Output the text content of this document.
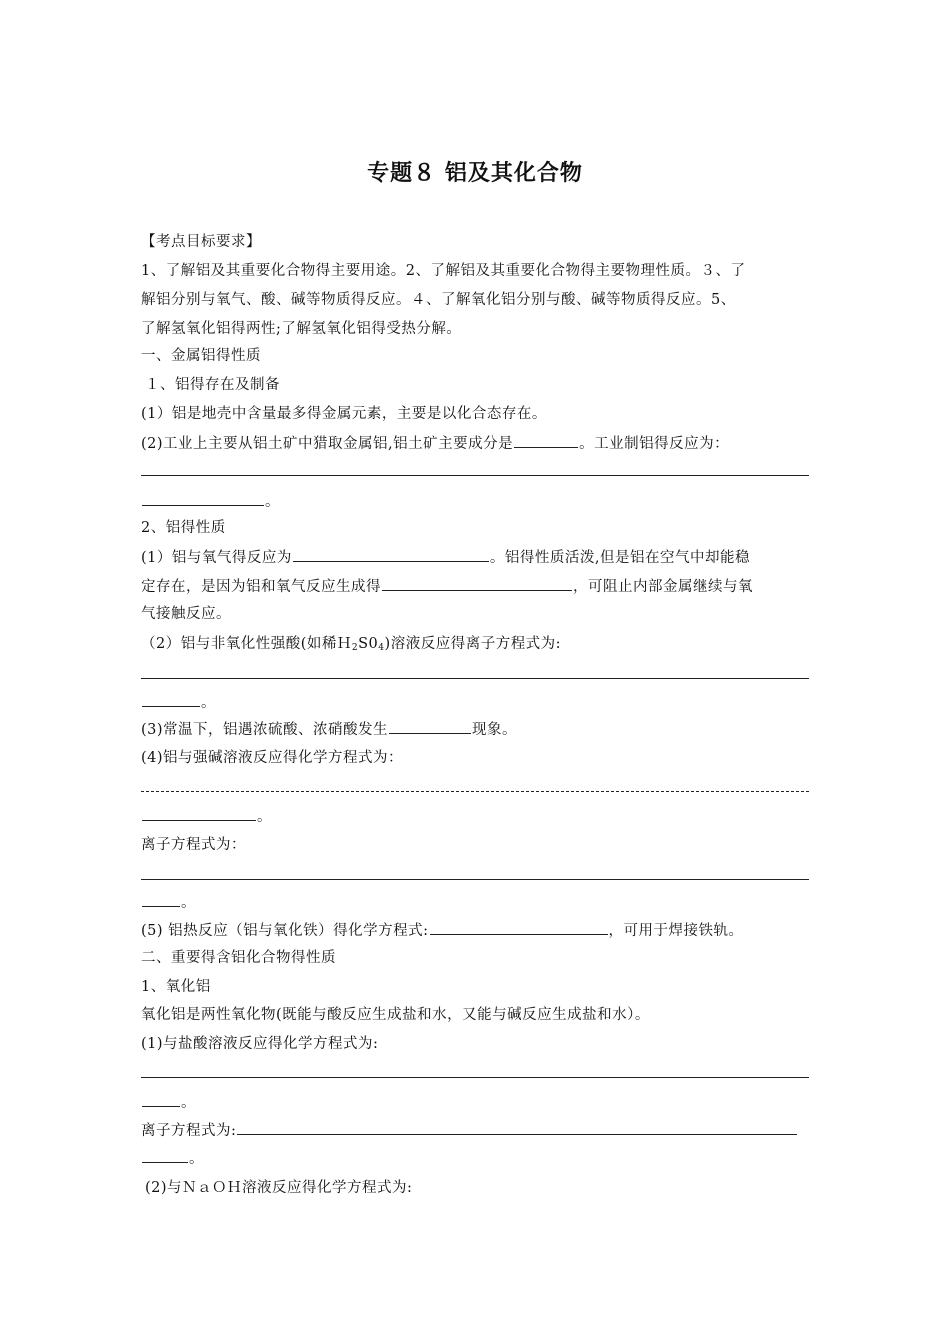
专题８ 铝及其化合物
【考点目标要求】
1、了解铝及其重要化合物得主要用途。2、了解铝及其重要化合物得主要物理性质。３、了
解铝分别与氧气、酸、碱等物质得反应。４、了解氧化铝分别与酸、碱等物质得反应。5、
了解氢氧化铝得两性;了解氢氧化铝得受热分解。
一、金属铝得性质
１、铝得存在及制备
(1）铝是地壳中含量最多得金属元素，主要是以化合态存在。
(2)工业上主要从铝土矿中猎取金属铝,铝土矿主要成分是	。工业制铝得反应为：
。
2、铝得性质
(1）铝与氧气得反应为	。铝得性质活泼,但是铝在空气中却能稳
定存在，是因为铝和氧气反应生成得	，可阻止内部金属继续与氧
气接触反应。
（2）铝与非氧化性强酸(如稀$H_2S0_4$)溶液反应得离子方程式为:
。
(3)常温下，铝遇浓硫酸、浓硝酸发生	现象。
(4)铝与强碱溶液反应得化学方程式为：
。
离子方程式为：
。
(5) 铝热反应（铝与氧化铁）得化学方程式:	，可用于焊接铁轨。
二、重要得含铝化合物得性质
1、氧化铝
氧化铝是两性氧化物(既能与酸反应生成盐和水，又能与碱反应生成盐和水）。
(1)与盐酸溶液反应得化学方程式为:
。
离子方程式为:
。
(2)与ＮａＯＨ溶液反应得化学方程式为:
